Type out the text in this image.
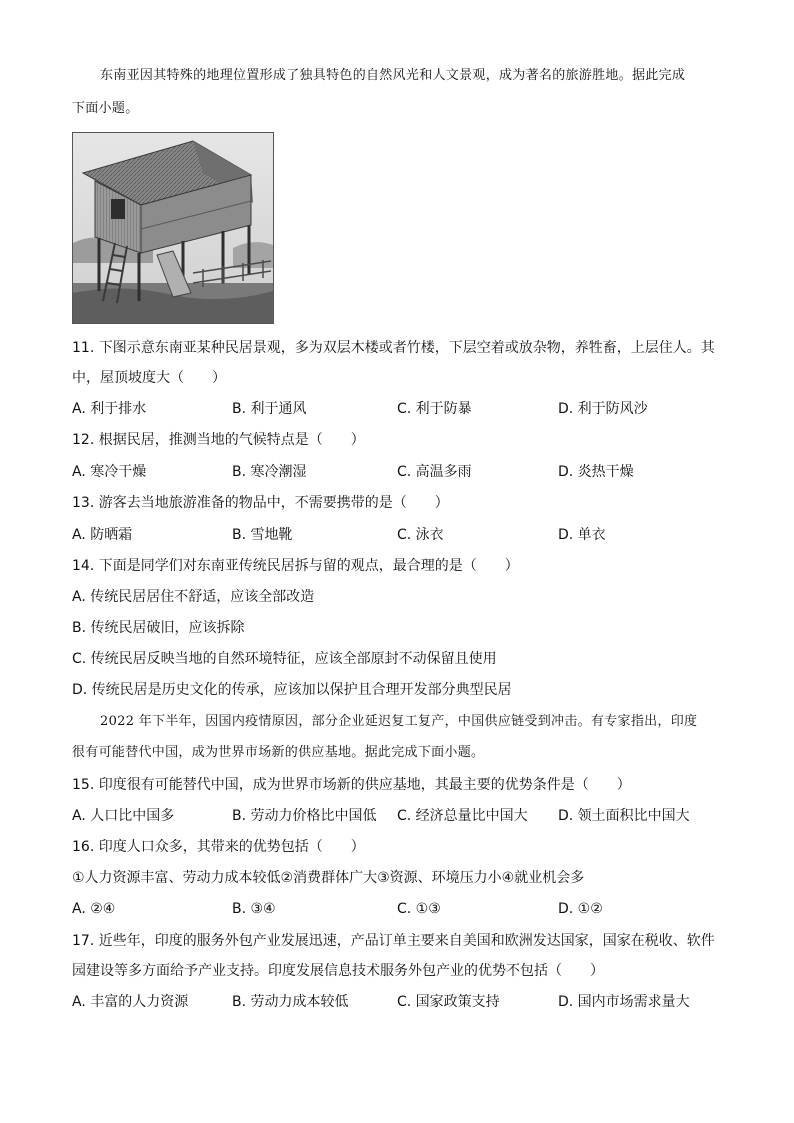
东南亚因其特殊的地理位置形成了独具特色的自然风光和人文景观，成为著名的旅游胜地。据此完成
下面小题。
11. 下图示意东南亚某种民居景观，多为双层木楼或者竹楼，下层空着或放杂物，养牲畜，上层住人。其
中，屋顶坡度大（　　）
A. 利于排水	B. 利于通风	C. 利于防暴	D. 利于防风沙
12. 根据民居，推测当地的气候特点是（　　）
A. 寒冷干燥	B. 寒冷潮湿	C. 高温多雨	D. 炎热干燥
13. 游客去当地旅游准备的物品中，不需要携带的是（　　）
A. 防晒霜	B. 雪地靴	C. 泳衣	D. 单衣
14. 下面是同学们对东南亚传统民居拆与留的观点，最合理的是（　　）
A. 传统民居居住不舒适，应该全部改造
B. 传统民居破旧，应该拆除
C. 传统民居反映当地的自然环境特征，应该全部原封不动保留且使用
D. 传统民居是历史文化的传承，应该加以保护且合理开发部分典型民居
2022 年下半年，因国内疫情原因，部分企业延迟复工复产，中国供应链受到冲击。有专家指出，印度
很有可能替代中国，成为世界市场新的供应基地。据此完成下面小题。
15. 印度很有可能替代中国，成为世界市场新的供应基地，其最主要的优势条件是（　　）
A. 人口比中国多	B. 劳动力价格比中国低 C. 经济总量比中国大 D. 领土面积比中国大
16. 印度人口众多，其带来的优势包括（　　）
①人力资源丰富、劳动力成本较低②消费群体广大③资源、环境压力小④就业机会多
A. ②④	B. ③④	C. ①③	D. ①②
17. 近些年，印度的服务外包产业发展迅速，产品订单主要来自美国和欧洲发达国家，国家在税收、软件
园建设等多方面给予产业支持。印度发展信息技术服务外包产业的优势不包括（　　）
A. 丰富的人力资源	B. 劳动力成本较低	C. 国家政策支持	D. 国内市场需求量大
